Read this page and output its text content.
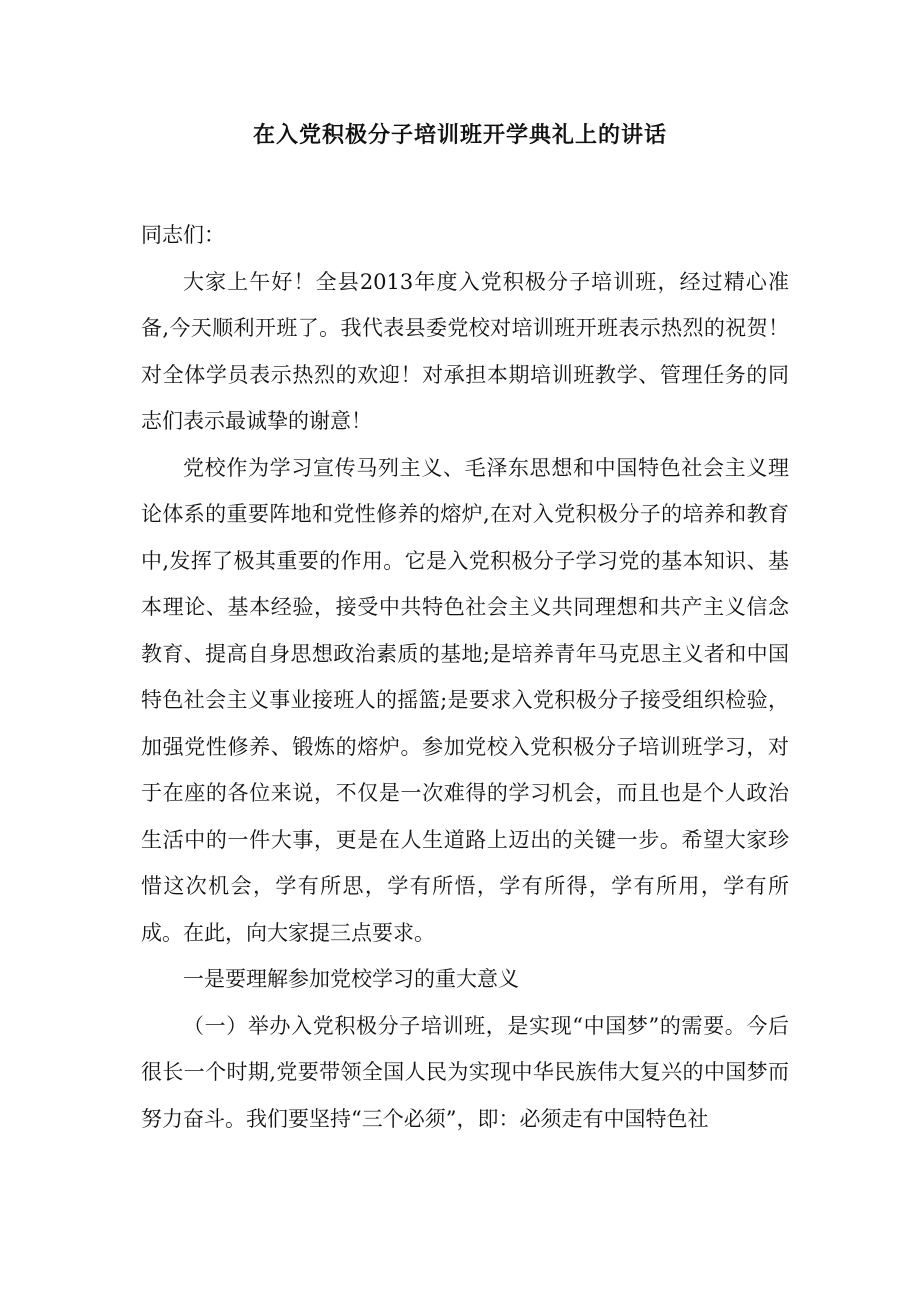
在入党积极分子培训班开学典礼上的讲话

同志们：

大家上午好！全县2013年度入党积极分子培训班，经过精心准备,今天顺利开班了。我代表县委党校对培训班开班表示热烈的祝贺！对全体学员表示热烈的欢迎！对承担本期培训班教学、管理任务的同志们表示最诚挚的谢意！

党校作为学习宣传马列主义、毛泽东思想和中国特色社会主义理论体系的重要阵地和党性修养的熔炉,在对入党积极分子的培养和教育中,发挥了极其重要的作用。它是入党积极分子学习党的基本知识、基本理论、基本经验，接受中共特色社会主义共同理想和共产主义信念教育、提高自身思想政治素质的基地;是培养青年马克思主义者和中国特色社会主义事业接班人的摇篮;是要求入党积极分子接受组织检验，加强党性修养、锻炼的熔炉。参加党校入党积极分子培训班学习，对于在座的各位来说，不仅是一次难得的学习机会，而且也是个人政治生活中的一件大事，更是在人生道路上迈出的关键一步。希望大家珍惜这次机会，学有所思，学有所悟，学有所得，学有所用，学有所成。在此，向大家提三点要求。

一是要理解参加党校学习的重大意义

（一）举办入党积极分子培训班，是实现“中国梦”的需要。今后很长一个时期,党要带领全国人民为实现中华民族伟大复兴的中国梦而努力奋斗。我们要坚持“三个必须”，即：必须走有中国特色社
